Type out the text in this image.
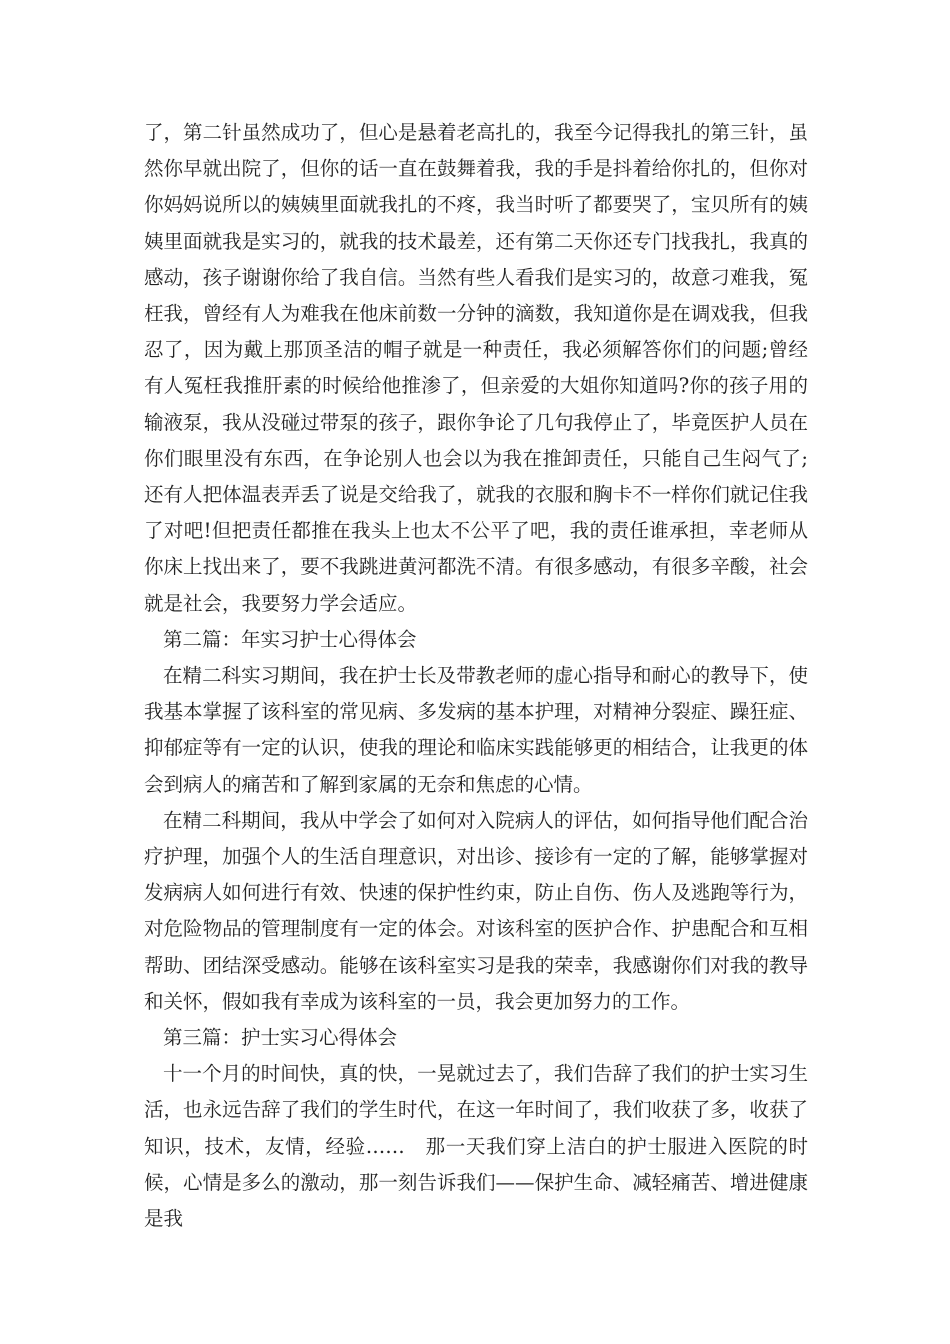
了，第二针虽然成功了，但心是悬着老高扎的，我至今记得我扎的第三针，虽然你早就出院了，但你的话一直在鼓舞着我，我的手是抖着给你扎的，但你对你妈妈说所以的姨姨里面就我扎的不疼，我当时听了都要哭了，宝贝所有的姨姨里面就我是实习的，就我的技术最差，还有第二天你还专门找我扎，我真的感动，孩子谢谢你给了我自信。当然有些人看我们是实习的，故意刁难我，冤枉我，曾经有人为难我在他床前数一分钟的滴数，我知道你是在调戏我，但我忍了，因为戴上那顶圣洁的帽子就是一种责任，我必须解答你们的问题;曾经有人冤枉我推肝素的时候给他推渗了，但亲爱的大姐你知道吗?你的孩子用的输液泵，我从没碰过带泵的孩子，跟你争论了几句我停止了，毕竟医护人员在你们眼里没有东西，在争论别人也会以为我在推卸责任，只能自己生闷气了;还有人把体温表弄丢了说是交给我了，就我的衣服和胸卡不一样你们就记住我了对吧!但把责任都推在我头上也太不公平了吧，我的责任谁承担，幸老师从你床上找出来了，要不我跳进黄河都洗不清。有很多感动，有很多辛酸，社会就是社会，我要努力学会适应。

第二篇：年实习护士心得体会

在精二科实习期间，我在护士长及带教老师的虚心指导和耐心的教导下，使我基本掌握了该科室的常见病、多发病的基本护理，对精神分裂症、躁狂症、抑郁症等有一定的认识，使我的理论和临床实践能够更的相结合，让我更的体会到病人的痛苦和了解到家属的无奈和焦虑的心情。

在精二科期间，我从中学会了如何对入院病人的评估，如何指导他们配合治疗护理，加强个人的生活自理意识，对出诊、接诊有一定的了解，能够掌握对发病病人如何进行有效、快速的保护性约束，防止自伤、伤人及逃跑等行为，对危险物品的管理制度有一定的体会。对该科室的医护合作、护患配合和互相帮助、团结深受感动。能够在该科室实习是我的荣幸，我感谢你们对我的教导和关怀，假如我有幸成为该科室的一员，我会更加努力的工作。

第三篇：护士实习心得体会

十一个月的时间快，真的快，一晃就过去了，我们告辞了我们的护士实习生活，也永远告辞了我们的学生时代，在这一年时间了，我们收获了多，收获了知识，技术，友情，经验……　那一天我们穿上洁白的护士服进入医院的时候，心情是多么的激动，那一刻告诉我们——保护生命、减轻痛苦、增进健康是我
